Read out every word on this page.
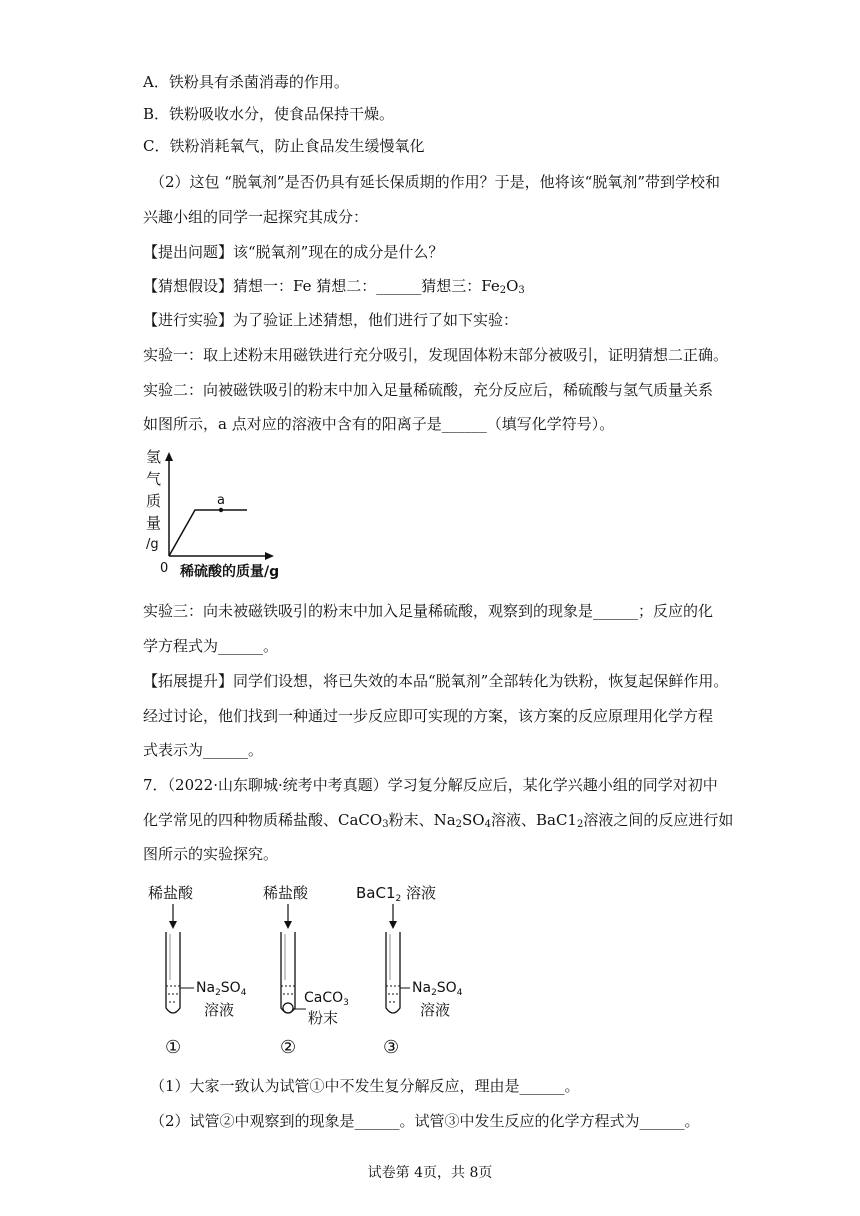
A．铁粉具有杀菌消毒的作用。
B．铁粉吸收水分，使食品保持干燥。
C．铁粉消耗氧气，防止食品发生缓慢氧化
（2）这包 “脱氧剂”是否仍具有延长保质期的作用？于是，他将该“脱氧剂”带到学校和
兴趣小组的同学一起探究其成分：
【提出问题】该“脱氧剂”现在的成分是什么？
【猜想假设】猜想一：Fe 猜想二：______猜想三：$Fe_2O_3$
【进行实验】为了验证上述猜想，他们进行了如下实验：
实验一：取上述粉末用磁铁进行充分吸引，发现固体粉末部分被吸引，证明猜想二正确。
实验二：向被磁铁吸引的粉末中加入足量稀硫酸，充分反应后，稀硫酸与氢气质量关系
如图所示，a 点对应的溶液中含有的阳离子是______（填写化学符号）。
氢
气
质
量
/g
a
0 稀硫酸的质量/g
实验三：向未被磁铁吸引的粉末中加入足量稀硫酸，观察到的现象是______；反应的化
学方程式为______。
【拓展提升】同学们设想，将已失效的本品“脱氧剂”全部转化为铁粉，恢复起保鲜作用。
经过讨论，他们找到一种通过一步反应即可实现的方案，该方案的反应原理用化学方程
式表示为______。
7．（2022·山东聊城·统考中考真题）学习复分解反应后，某化学兴趣小组的同学对初中
化学常见的四种物质稀盐酸、CaCO$_3$粉末、$Na_2SO_4$溶液、$BaC1_2$溶液之间的反应进行如
图所示的实验探究。
稀盐酸
$Na_2SO_4$
溶液
①
稀盐酸
CaCO$_3$
粉末
②
$BaC1_2$ 溶液
$Na_2SO_4$
溶液
③
（1）大家一致认为试管①中不发生复分解反应，理由是______。
（2）试管②中观察到的现象是______。试管③中发生反应的化学方程式为______。
试卷第 4页，共 8页
